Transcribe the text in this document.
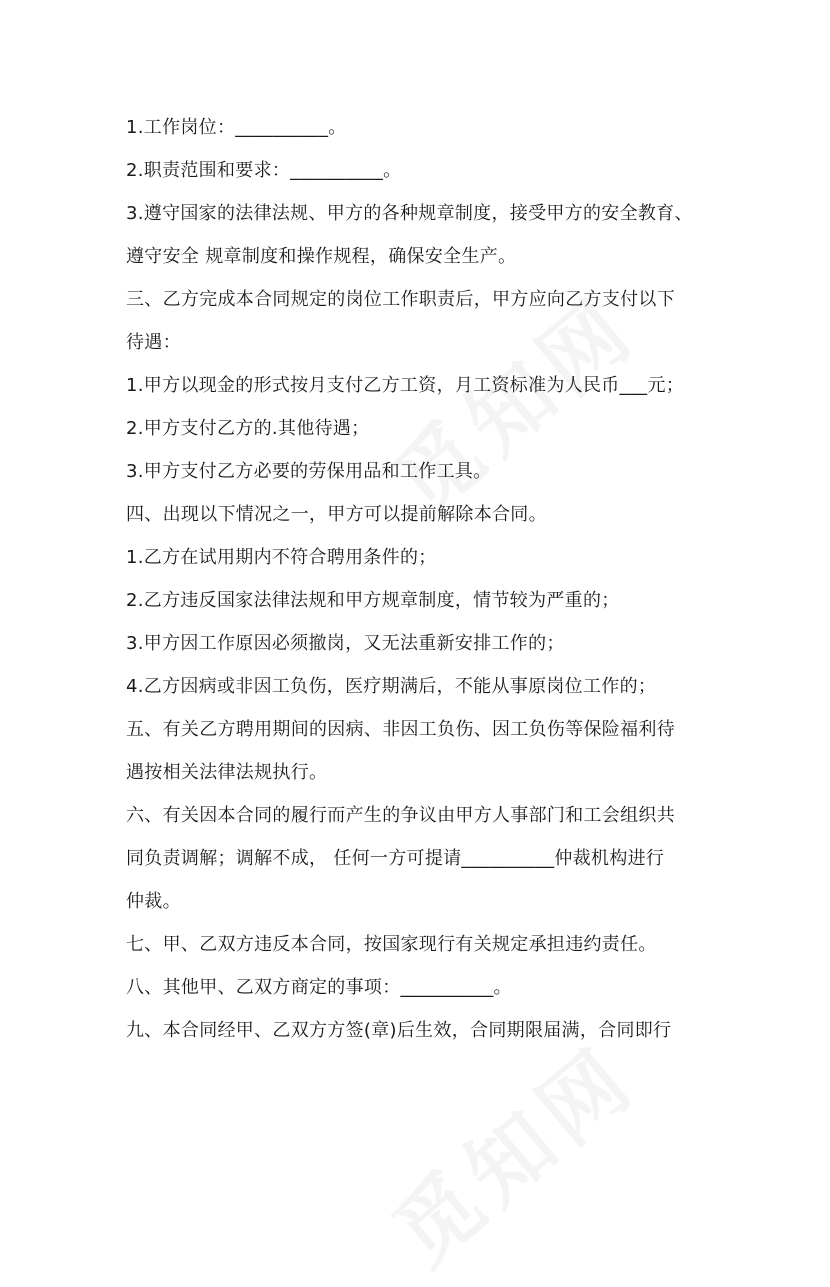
1.工作岗位：__________。
2.职责范围和要求：__________。
3.遵守国家的法律法规、甲方的各种规章制度，接受甲方的安全教育、
遵守安全 规章制度和操作规程，确保安全生产。
三、乙方完成本合同规定的岗位工作职责后，甲方应向乙方支付以下
待遇：
1.甲方以现金的形式按月支付乙方工资，月工资标准为人民币___元；
2.甲方支付乙方的.其他待遇；
3.甲方支付乙方必要的劳保用品和工作工具。
四、出现以下情况之一，甲方可以提前解除本合同。
1.乙方在试用期内不符合聘用条件的；
2.乙方违反国家法律法规和甲方规章制度，情节较为严重的；
3.甲方因工作原因必须撤岗，又无法重新安排工作的；
4.乙方因病或非因工负伤，医疗期满后，不能从事原岗位工作的；
五、有关乙方聘用期间的因病、非因工负伤、因工负伤等保险福利待
遇按相关法律法规执行。
六、有关因本合同的履行而产生的争议由甲方人事部门和工会组织共
同负责调解；调解不成， 任何一方可提请__________仲裁机构进行
仲裁。
七、甲、乙双方违反本合同，按国家现行有关规定承担违约责任。
八、其他甲、乙双方商定的事项：__________。
九、本合同经甲、乙双方方签(章)后生效，合同期限届满，合同即行
